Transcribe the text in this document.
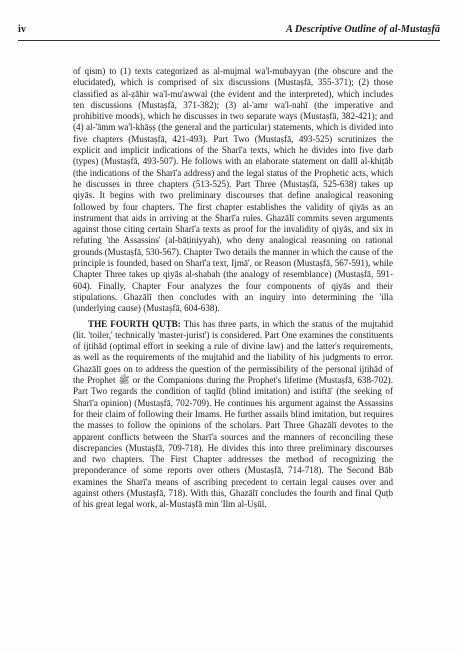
iv	A Descriptive Outline of al-Mustaṣfā

of qism) to (1) texts categorized as al-mujmal wa'l-mubayyan (the obscure and the elucidated), which is comprised of six discussions (Mustaṣfā, 355-371); (2) those classified as al-ẓāhir wa'l-mu'awwal (the evident and the interpreted), which includes ten discussions (Mustaṣfā, 371-382); (3) al-'amr wa'l-nahī (the imperative and prohibitive moods), which he discusses in two separate ways (Mustaṣfā, 382-421); and (4) al-'āmm wa'l-khāṣṣ (the general and the particular) statements, which is divided into five chapters (Mustaṣfā, 421-493). Part Two (Mustaṣfā, 493-525) scrutinizes the explicit and implicit indications of the Sharī'a texts, which he divides into five ḍarb (types) (Mustaṣfā, 493-507). He follows with an elaborate statement on dalīl al-khiṭāb (the indications of the Sharī'a address) and the legal status of the Prophetic acts, which he discusses in three chapters (513-525). Part Three (Mustaṣfā, 525-638) takes up qiyās. It begins with two preliminary discourses that define analogical reasoning followed by four chapters. The first chapter establishes the validity of qiyās as an instrument that aids in arriving at the Sharī'a rules. Ghazālī commits seven arguments against those citing certain Sharī'a texts as proof for the invalidity of qiyās, and six in refuting 'the Assassins' (al-bāṭiniyyah), who deny analogical reasoning on rational grounds (Mustaṣfā, 530-567). Chapter Two details the manner in which the cause of the principle is founded, based on Sharī'a text, Ijmā', or Reason (Mustaṣfā, 567-591), while Chapter Three takes up qiyās al-shabah (the analogy of resemblance) (Mustaṣfā, 591-604). Finally, Chapter Four analyzes the four components of qiyās and their stipulations. Ghazālī then concludes with an inquiry into determining the 'illa (underlying cause) (Mustaṣfā, 604-638).

THE FOURTH QUṬB: This has three parts, in which the status of the mujtahid (lit. 'toiler,' technically 'master-jurist') is considered. Part One examines the constituents of ijtihād (optimal effort in seeking a rule of divine law) and the latter's requirements, as well as the requirements of the mujtahid and the liability of his judgments to error. Ghazālī goes on to address the question of the permissibility of the personal ijtihād of the Prophet ﷺ or the Companions during the Prophet's lifetime (Mustaṣfā, 638-702). Part Two regards the condition of taqlīd (blind imitation) and istiftā' (the seeking of Sharī'a opinion) (Mustaṣfā, 702-709). He continues his argument against the Assassins for their claim of following their Imams. He further assails blind imitation, but requires the masses to follow the opinions of the scholars. Part Three Ghazālī devotes to the apparent conflicts between the Sharī'a sources and the manners of reconciling these discrepancies (Mustaṣfā, 709-718). He divides this into three preliminary discourses and two chapters. The First Chapter addresses the method of recognizing the preponderance of some reports over others (Mustaṣfā, 714-718). The Second Bāb examines the Sharī'a means of ascribing precedent to certain legal causes over and against others (Mustaṣfā, 718). With this, Ghazālī concludes the fourth and final Quṭb of his great legal work, al-Mustaṣfā min 'Ilm al-Uṣūl.
